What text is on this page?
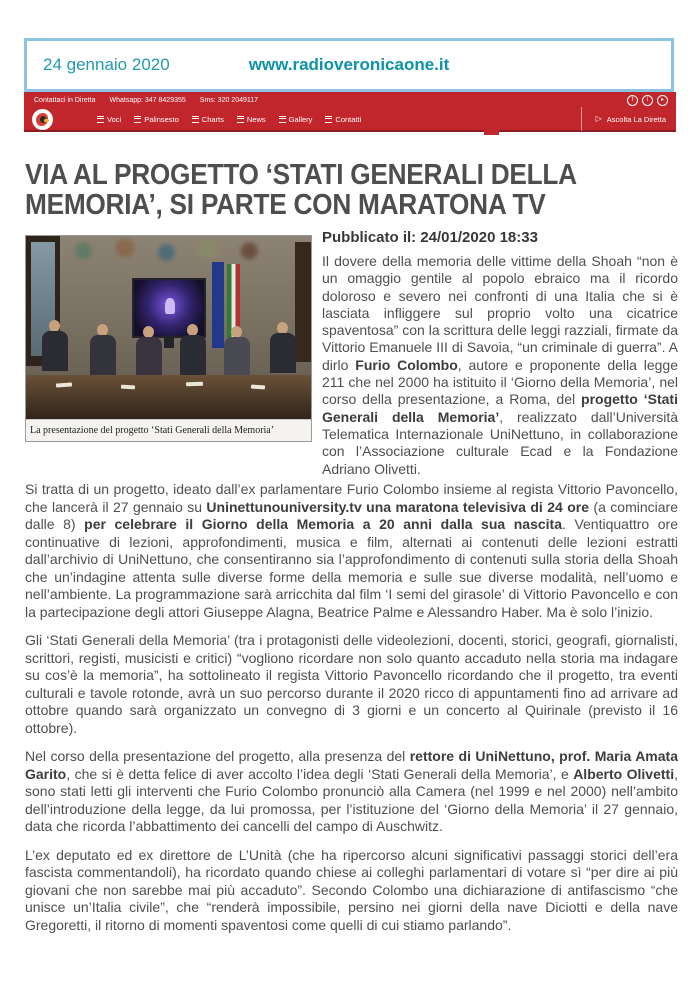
24 gennaio 2020	www.radioveronicaone.it
Contattaci in Diretta Whatsapp: 347 8429355 Sms: 320 2049117	f	i	▸
Voci	Palinsesto	Charts	News	Gallery	Contatti	▷ Ascolta La Diretta
VIA AL PROGETTO ‘STATI GENERALI DELLA MEMORIA’, SI PARTE CON MARATONA TV
Pubblicato il: 24/01/2020 18:33
Il dovere della memoria delle vittime della Shoah “non è un omaggio gentile al popolo ebraico ma il ricordo doloroso e severo nei confronti di una Italia che si è lasciata infliggere sul proprio volto una cicatrice spaventosa” con la scrittura delle leggi razziali, firmate da Vittorio Emanuele III di Savoia, “un criminale di guerra”. A dirlo Furio Colombo, autore e proponente della legge 211 che nel 2000 ha istituito il ‘Giorno della Memoria’, nel corso della presentazione, a Roma, del progetto ‘Stati Generali della Memoria’, realizzato dall’Università Telematica Internazionale UniNettuno, in collaborazione con l’Associazione culturale Ecad e la Fondazione Adriano Olivetti.
La presentazione del progetto ‘Stati Generali della Memoria’

Si tratta di un progetto, ideato dall’ex parlamentare Furio Colombo insieme al regista Vittorio Pavoncello, che lancerà il 27 gennaio su Uninettunouniversity.tv una maratona televisiva di 24 ore (a cominciare dalle 8) per celebrare il Giorno della Memoria a 20 anni dalla sua nascita. Ventiquattro ore continuative di lezioni, approfondimenti, musica e film, alternati ai contenuti delle lezioni estratti dall’archivio di UniNettuno, che consentiranno sia l’approfondimento di contenuti sulla storia della Shoah che un’indagine attenta sulle diverse forme della memoria e sulle sue diverse modalità, nell’uomo e nell’ambiente. La programmazione sarà arricchita dal film ‘I semi del girasole’ di Vittorio Pavoncello e con la partecipazione degli attori Giuseppe Alagna, Beatrice Palme e Alessandro Haber. Ma è solo l’inizio.

Gli ‘Stati Generali della Memoria’ (tra i protagonisti delle videolezioni, docenti, storici, geografi, giornalisti, scrittori, registi, musicisti e critici) “vogliono ricordare non solo quanto accaduto nella storia ma indagare su cos’è la memoria”, ha sottolineato il regista Vittorio Pavoncello ricordando che il progetto, tra eventi culturali e tavole rotonde, avrà un suo percorso durante il 2020 ricco di appuntamenti fino ad arrivare ad ottobre quando sarà organizzato un convegno di 3 giorni e un concerto al Quirinale (previsto il 16 ottobre).

Nel corso della presentazione del progetto, alla presenza del rettore di UniNettuno, prof. Maria Amata Garito, che si è detta felice di aver accolto l’idea degli ‘Stati Generali della Memoria’, e Alberto Olivetti, sono stati letti gli interventi che Furio Colombo pronunciò alla Camera (nel 1999 e nel 2000) nell’ambito dell’introduzione della legge, da lui promossa, per l’istituzione del ‘Giorno della Memoria’ il 27 gennaio, data che ricorda l’abbattimento dei cancelli del campo di Auschwitz.

L’ex deputato ed ex direttore de L’Unità (che ha ripercorso alcuni significativi passaggi storici dell’era fascista commentandoli), ha ricordato quando chiese ai colleghi parlamentari di votare sì “per dire ai più giovani che non sarebbe mai più accaduto”. Secondo Colombo una dichiarazione di antifascismo “che unisce un’Italia civile”, che “renderà impossibile, persino nei giorni della nave Diciotti e della nave Gregoretti, il ritorno di momenti spaventosi come quelli di cui stiamo parlando”.
